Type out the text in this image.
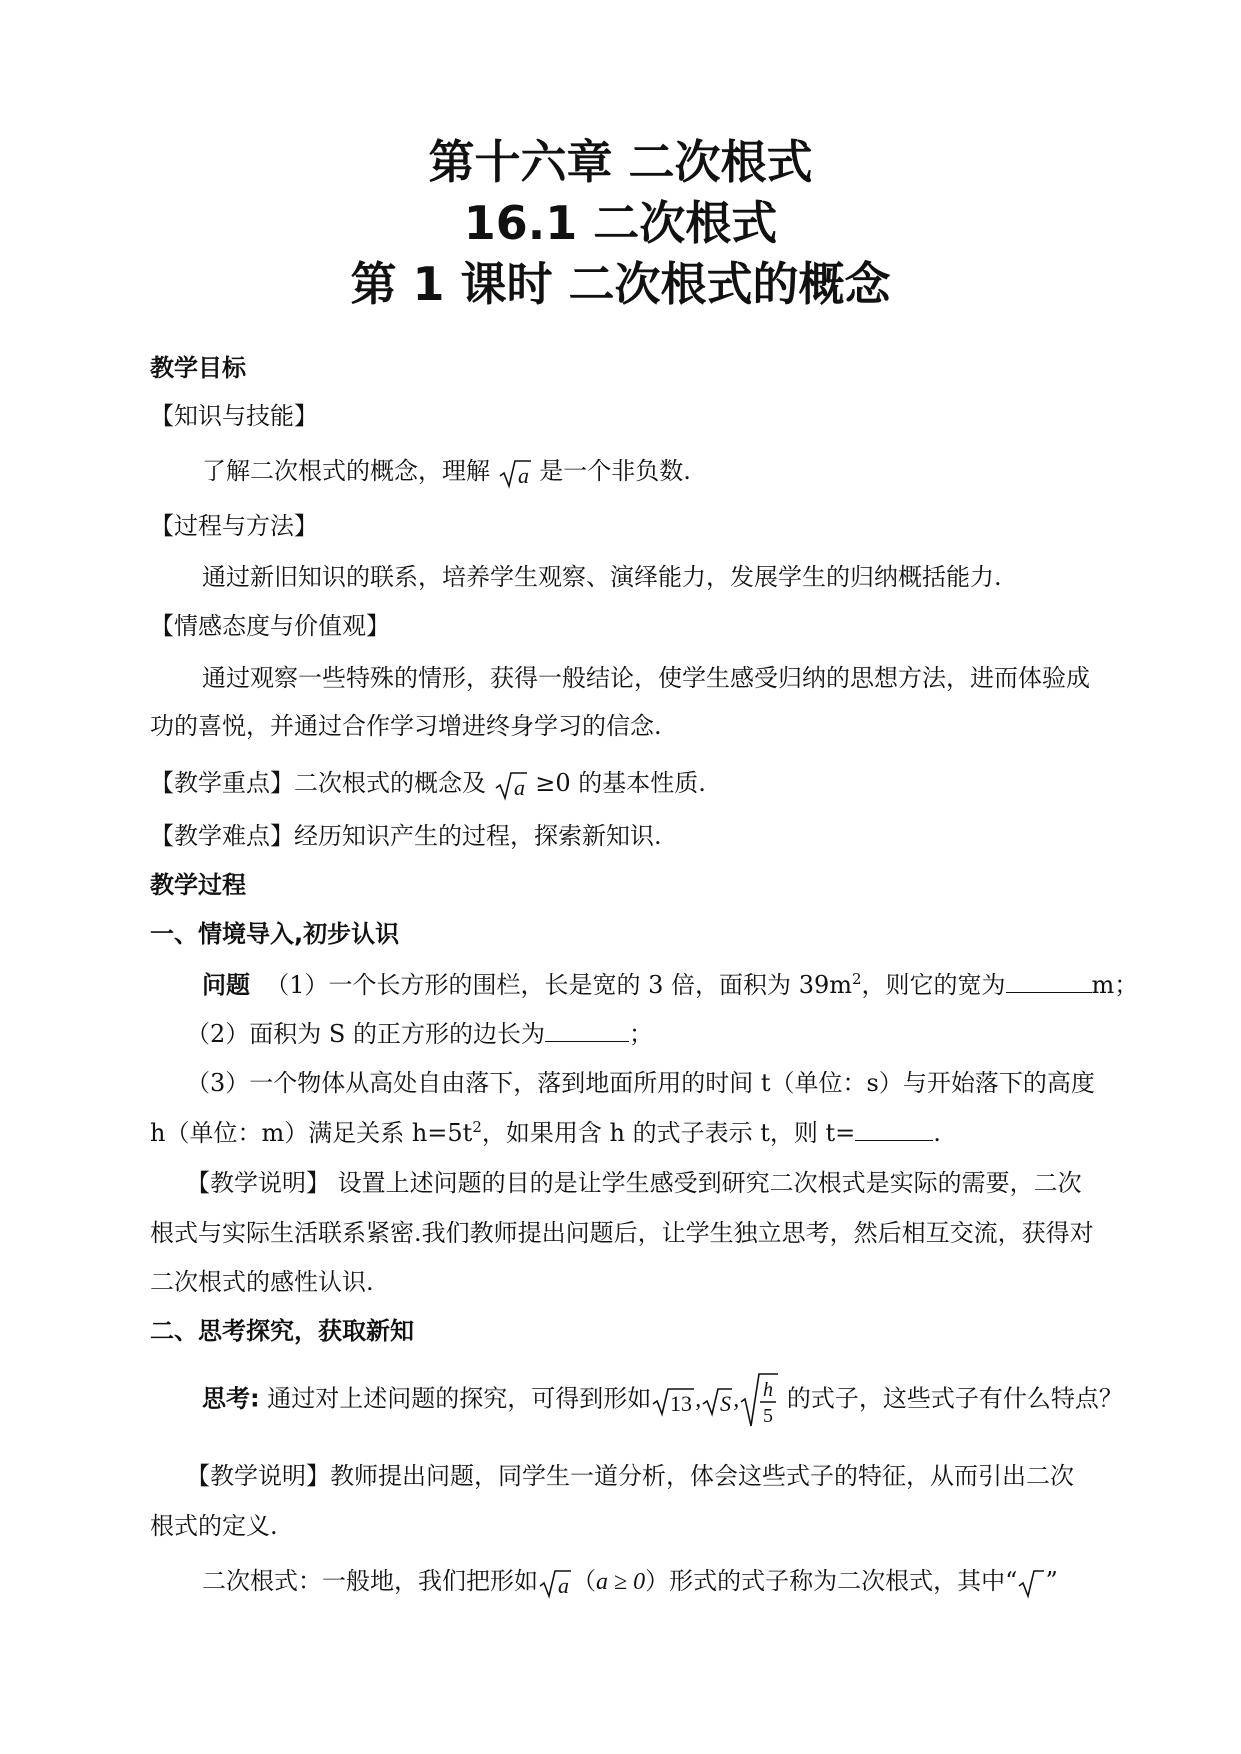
第十六章 二次根式
16.1 二次根式
第 1 课时 二次根式的概念
教学目标
【知识与技能】
了解二次根式的概念，理解 a 是一个非负数.
【过程与方法】
通过新旧知识的联系，培养学生观察、演绎能力，发展学生的归纳概括能力.
【情感态度与价值观】
通过观察一些特殊的情形，获得一般结论，使学生感受归纳的思想方法，进而体验成
功的喜悦，并通过合作学习增进终身学习的信念.
【教学重点】二次根式的概念及 a ≥0 的基本性质.
【教学难点】经历知识产生的过程，探索新知识.
教学过程
一、情境导入,初步认识
问题 （1）一个长方形的围栏，长是宽的 3 倍，面积为 $39m^2$，则它的宽为	m；
（2）面积为 S 的正方形的边长为	；
（3）一个物体从高处自由落下，落到地面所用的时间 t（单位：s）与开始落下的高度
h（单位：m）满足关系 $h=5t^2$，如果用含 h 的式子表示 t，则 t=	.
【教学说明】 设置上述问题的目的是让学生感受到研究二次根式是实际的需要，二次
根式与实际生活联系紧密.我们教师提出问题后，让学生独立思考，然后相互交流，获得对
二次根式的感性认识.
二、思考探究，获取新知
思考: 通过对上述问题的探究，可得到形如 13 , S , h
5
的式子，这些式子有什么特点？
【教学说明】教师提出问题，同学生一道分析，体会这些式子的特征，从而引出二次
根式的定义.
二次根式：一般地，我们把形如 a （a ≥ 0）形式的式子称为二次根式，其中“ ”
